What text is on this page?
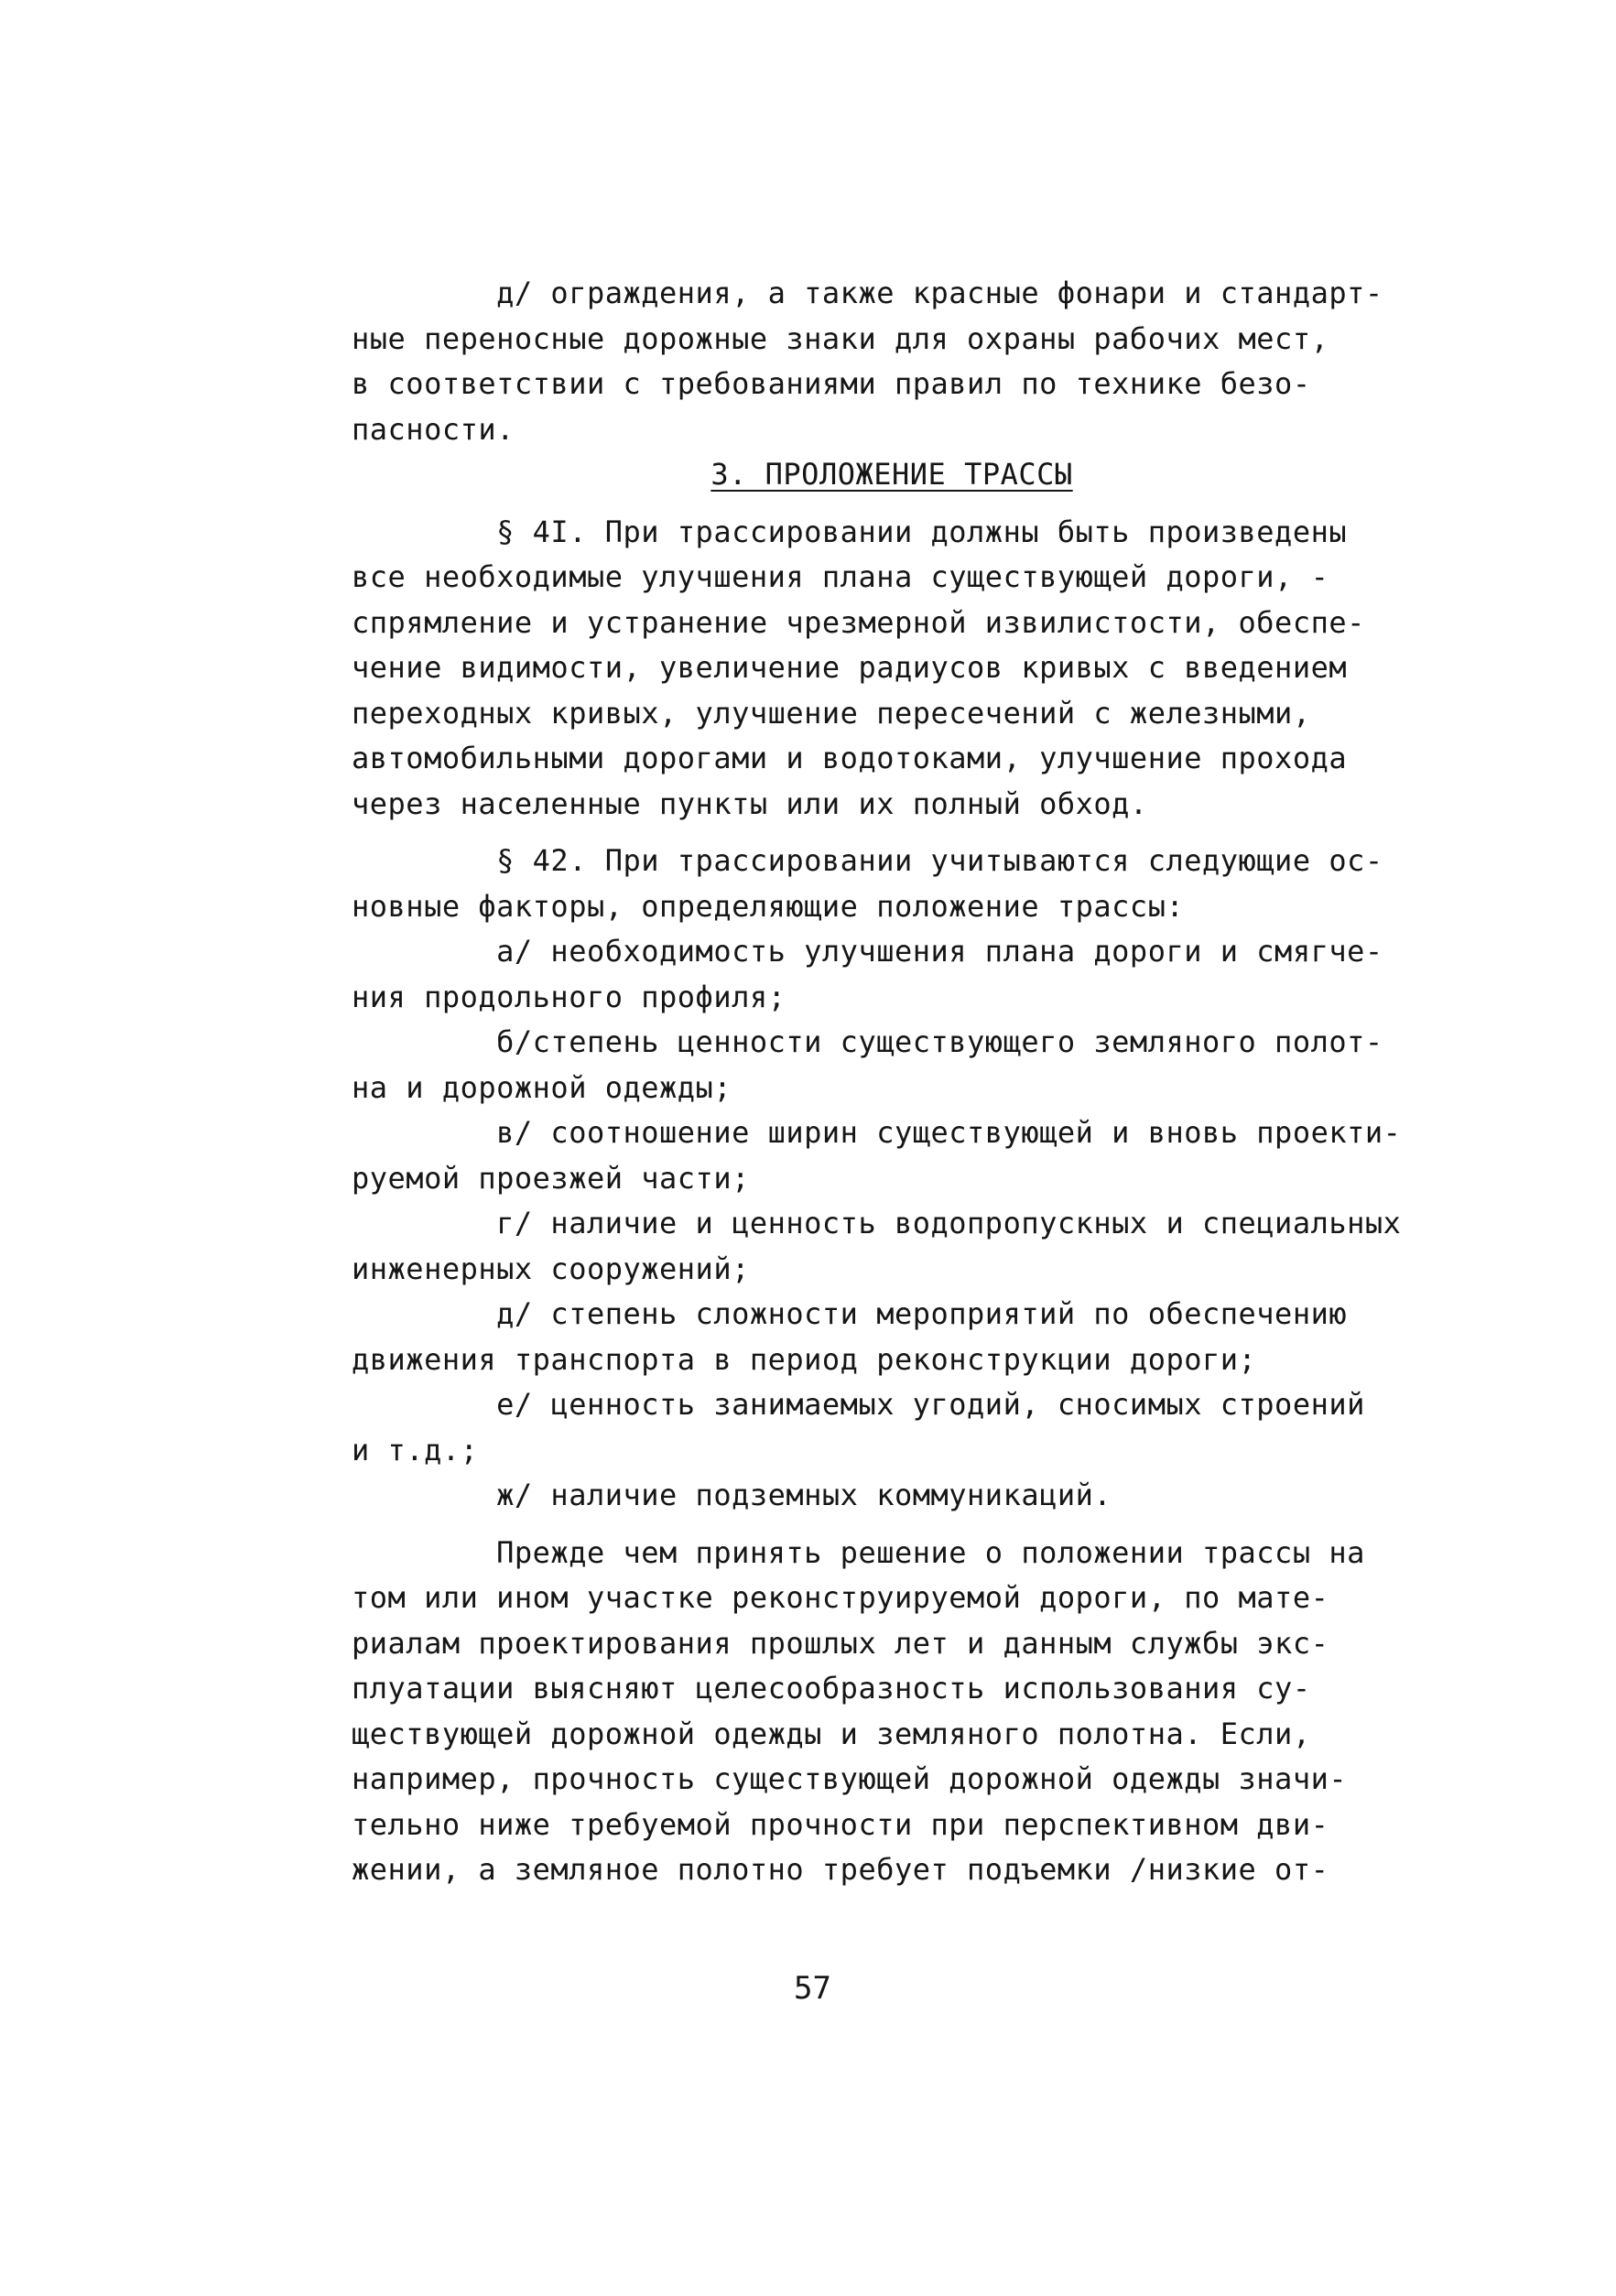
д/ ограждения, а также красные фонари и стандарт-
ные переносные дорожные знаки для охраны рабочих мест,
в соответствии с требованиями правил по технике безо-
пасности.
3. ПРОЛОЖЕНИЕ ТРАССЫ
§ 4I. При трассировании должны быть произведены
все необходимые улучшения плана существующей дороги, -
спрямление и устранение чрезмерной извилистости, обеспе-
чение видимости, увеличение радиусов кривых с введением
переходных кривых, улучшение пересечений с железными,
автомобильными дорогами и водотоками, улучшение прохода
через населенные пункты или их полный обход.
§ 42. При трассировании учитываются следующие ос-
новные факторы, определяющие положение трассы:
а/ необходимость улучшения плана дороги и смягче-
ния продольного профиля;
б/степень ценности существующего земляного полот-
на и дорожной одежды;
в/ соотношение ширин существующей и вновь проекти-
руемой проезжей части;
г/ наличие и ценность водопропускных и специальных
инженерных сооружений;
д/ степень сложности мероприятий по обеспечению
движения транспорта в период реконструкции дороги;
е/ ценность занимаемых угодий, сносимых строений
и т.д.;
ж/ наличие подземных коммуникаций.
Прежде чем принять решение о положении трассы на
том или ином участке реконструируемой дороги, по мате-
риалам проектирования прошлых лет и данным службы экс-
плуатации выясняют целесообразность использования су-
ществующей дорожной одежды и земляного полотна. Если,
например, прочность существующей дорожной одежды значи-
тельно ниже требуемой прочности при перспективном дви-
жении, а земляное полотно требует подъемки /низкие от-
57
